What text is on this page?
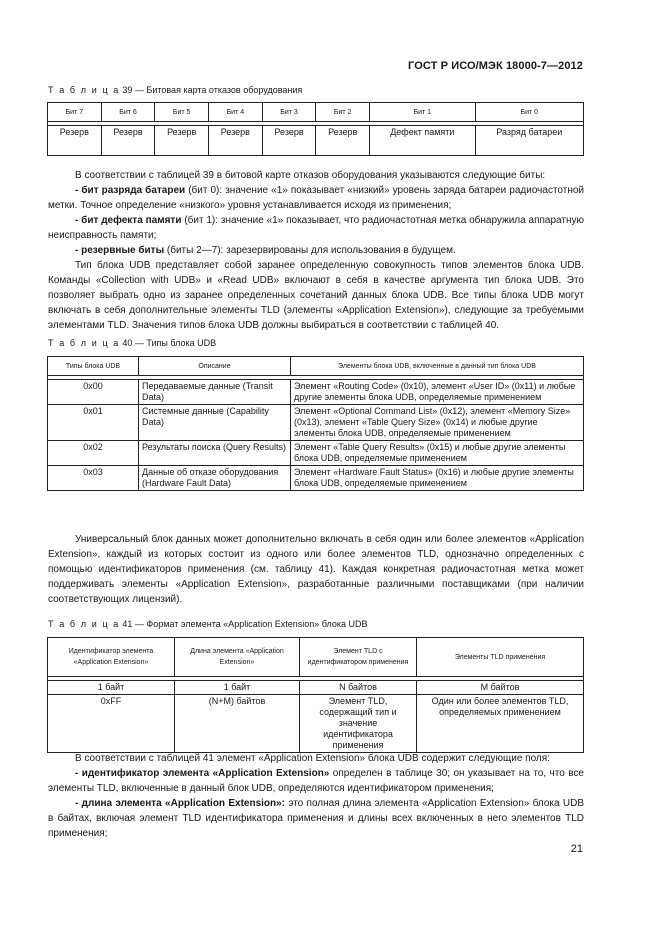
ГОСТ Р ИСО/МЭК 18000-7—2012
Т а б л и ц а 39 — Битовая карта отказов оборудования
Бит 7	Бит 6	Бит 5	Бит 4	Бит 3	Бит 2	Бит 1	Бит 0

Резерв	Резерв	Резерв	Резерв	Резерв	Резерв	Дефект памяти	Разряд батареи

В соответствии с таблицей 39 в битовой карте отказов оборудования указываются следующие биты:

- бит разряда батареи (бит 0): значение «1» показывает «низкий» уровень заряда батареи радиочастотной метки. Точное определение «низкого» уровня устанавливается исходя из применения;

- бит дефекта памяти (бит 1): значение «1» показывает, что радиочастотная метка обнаружила аппаратную неисправность памяти;

- резервные биты (биты 2—7): зарезервированы для использования в будущем.

Тип блока UDB представляет собой заранее определенную совокупность типов элементов блока UDB. Команды «Collection with UDB» и «Read UDB» включают в себя в качестве аргумента тип блока UDB. Это позволяет выбрать одно из заранее определенных сочетаний данных блока UDB. Все типы блока UDB могут включать в себя дополнительные элементы TLD (элементы «Application Extension»), следующие за требуемыми элементами TLD. Значения типов блока UDB должны выбираться в соответствии с таблицей 40.

Т а б л и ц а 40 — Типы блока UDB
Типы блока UDB	Описание	Элементы блока UDB, включенные в данный тип блока UDB

0x00	Передаваемые данные (Transit Data)	Элемент «Routing Code» (0x10), элемент «User ID» (0x11) и любые другие элементы блока UDB, определяемые применением
0x01	Системные данные (Capability Data)	Элемент «Optional Command List» (0x12), элемент «Memory Size» (0x13), элемент «Table Query Size» (0x14) и любые другие элементы блока UDB, определяемые применением
0x02	Результаты поиска (Query Results)	Элемент «Table Query Results» (0x15) и любые другие элементы блока UDB, определяемые применением
0x03	Данные об отказе оборудования (Hardware Fault Data)	Элемент «Hardware Fault Status» (0x16) и любые другие элементы блока UDB, определяемые применением

Универсальный блок данных может дополнительно включать в себя один или более элементов «Application Extension», каждый из которых состоит из одного или более элементов TLD, однозначно определенных с помощью идентификаторов применения (см. таблицу 41). Каждая конкретная радиочастотная метка может поддерживать элементы «Application Extension», разработанные различными поставщиками (при наличии соответствующих лицензий).

Т а б л и ц а 41 — Формат элемента «Application Extension» блока UDB
Идентификатор элемента «Application Extension»	Длина элемента «Application Extension»	Элемент TLD с идентификатором применения	Элементы TLD применения

1 байт	1 байт	N байтов	М байтов
0xFF	(N+M) байтов	Элемент TLD, содержащий тип и значение идентификатора применения	Один или более элементов TLD, определяемых применением

В соответствии с таблицей 41 элемент «Application Extension» блока UDB содержит следующие поля:

- идентификатор элемента «Application Extension» определен в таблице 30; он указывает на то, что все элементы TLD, включенные в данный блок UDB, определяются идентификатором применения;

- длина элемента «Application Extension»: это полная длина элемента «Application Extension» блока UDB в байтах, включая элемент TLD идентификатора применения и длины всех включенных в него элементов TLD применения;

21
